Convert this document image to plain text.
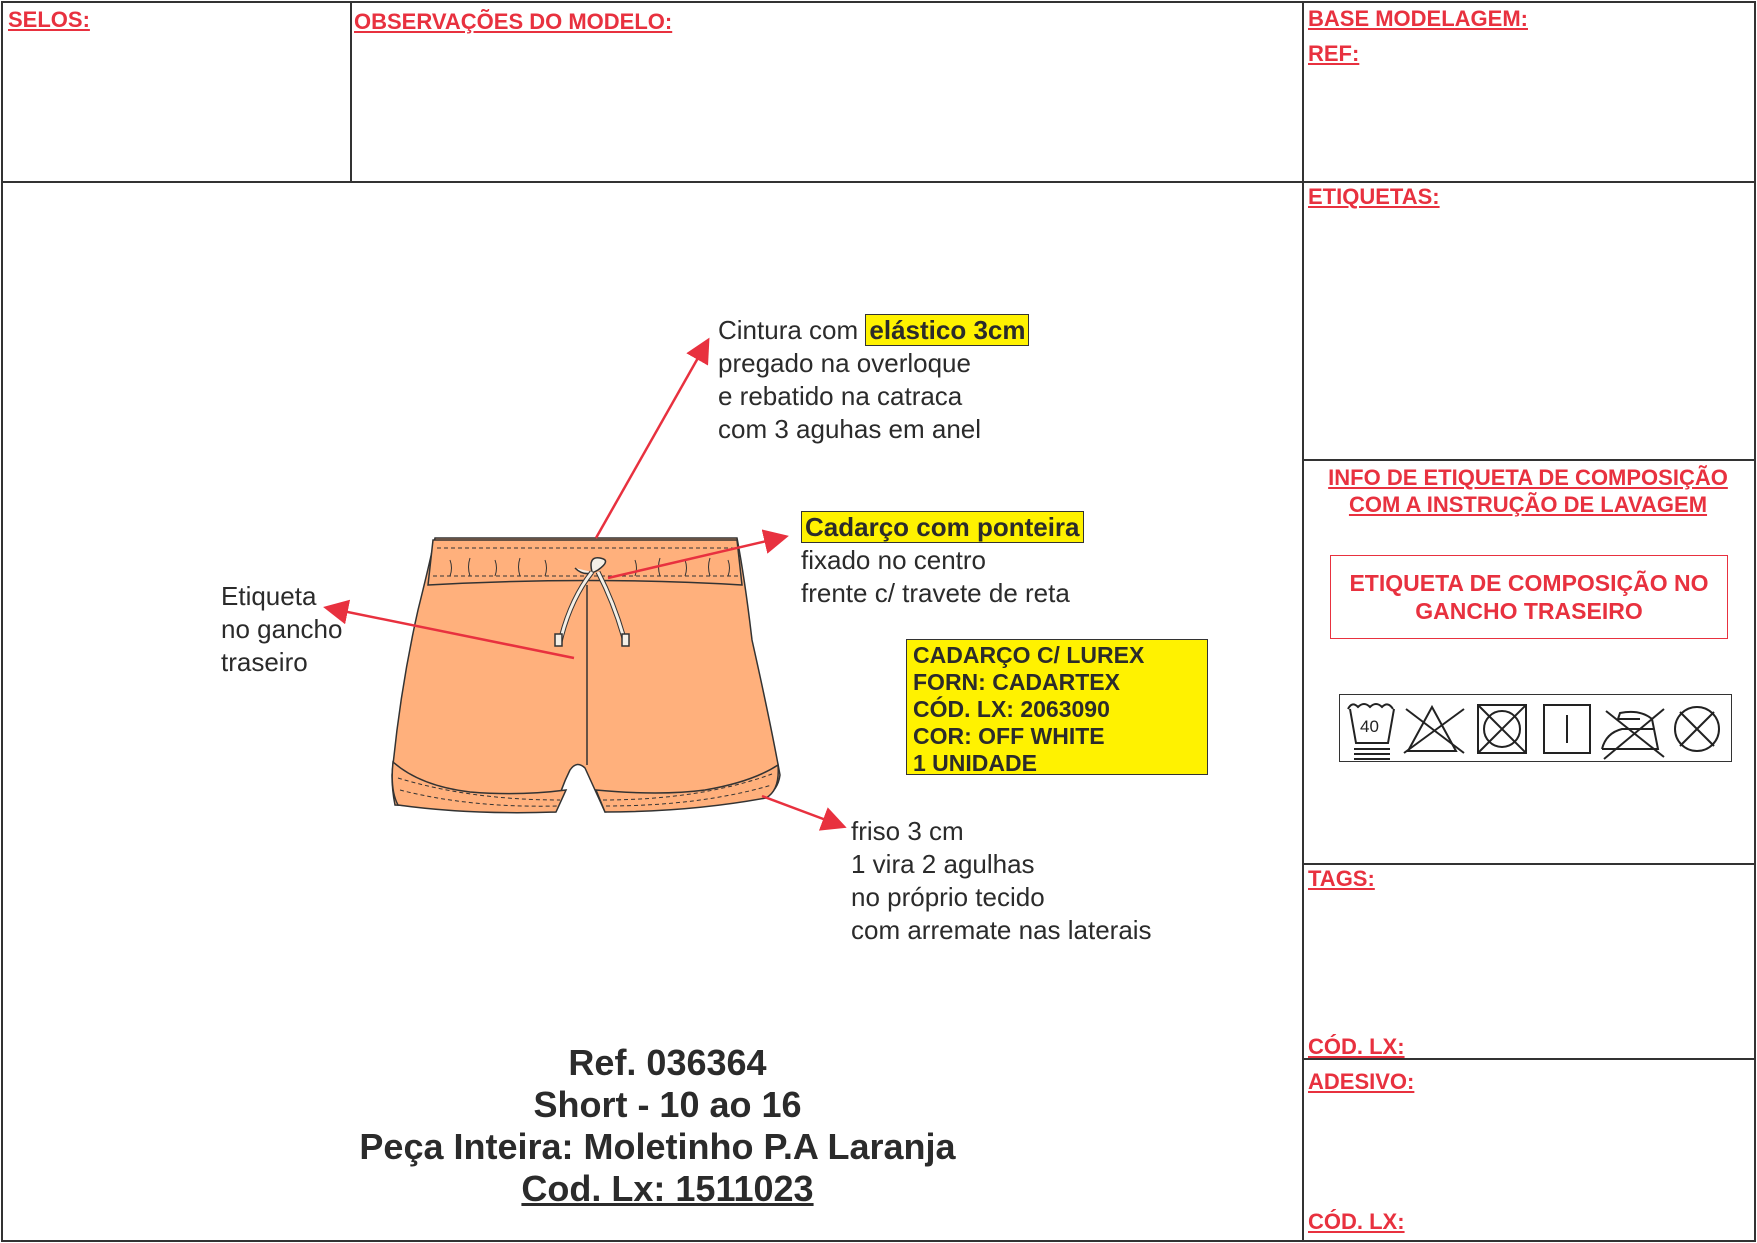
SELOS:	OBSERVAÇÕES DO MODELO:	BASE MODELAGEM:
REF:
ETIQUETAS:
INFO DE ETIQUETA DE COMPOSIÇÃO
COM A INSTRUÇÃO DE LAVAGEM
ETIQUETA DE COMPOSIÇÃO NO
GANCHO TRASEIRO
40
TAGS:
CÓD. LX:
ADESIVO:
CÓD. LX:
Cintura com elástico 3cm
pregado na overloque
e rebatido na catraca
com 3 aguhas em anel
Cadarço com ponteira
fixado no centro
frente c/ travete de reta
Etiqueta
no gancho
traseiro
friso 3 cm
1 vira 2 agulhas
no próprio tecido
com arremate nas laterais
CADARÇO C/ LUREX
FORN: CADARTEX
CÓD. LX: 2063090
COR: OFF WHITE
1 UNIDADE
Ref. 036364
Short - 10 ao 16
Peça Inteira: Moletinho P.A Laranja
Cod. Lx: 1511023
